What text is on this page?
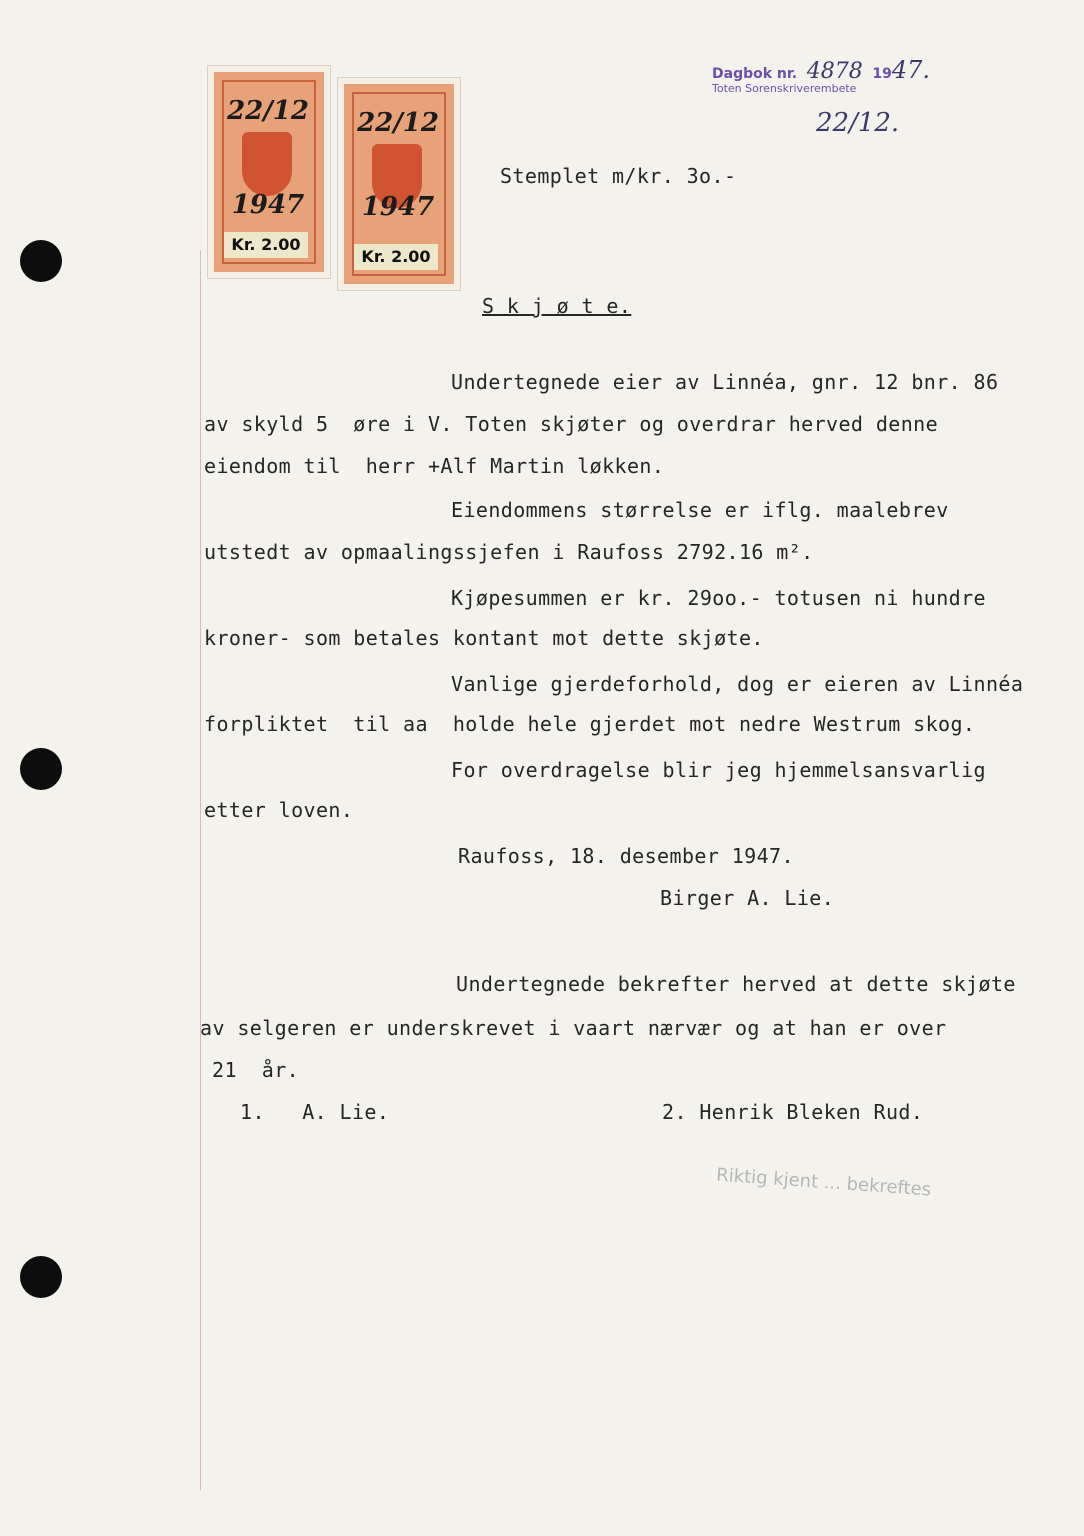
22/12
1947
Kr. 2.00
22/12
1947
Kr. 2.00
Dagbok nr. 4878 1947.
Toten Sorenskriverembete
22/12.
Stemplet m/kr. 3o.-
S k j ø t e.
Undertegnede eier av Linnéa, gnr. 12 bnr. 86
av skyld 5  øre i V. Toten skjøter og overdrar herved denne
eiendom til  herr +Alf Martin løkken.
Eiendommens størrelse er iflg. maalebrev
utstedt av opmaalingssjefen i Raufoss 2792.16 m².
Kjøpesummen er kr. 29oo.- totusen ni hundre
kroner- som betales kontant mot dette skjøte.
Vanlige gjerdeforhold, dog er eieren av Linnéa
forpliktet  til aa  holde hele gjerdet mot nedre Westrum skog.
For overdragelse blir jeg hjemmelsansvarlig
etter loven.
Raufoss, 18. desember 1947.
Birger A. Lie.
Undertegnede bekrefter herved at dette skjøte
av selgeren er underskrevet i vaart nærvær og at han er over
21  år.
1.   A. Lie.	2. Henrik Bleken Rud.
Riktig kjent ... bekreftes
